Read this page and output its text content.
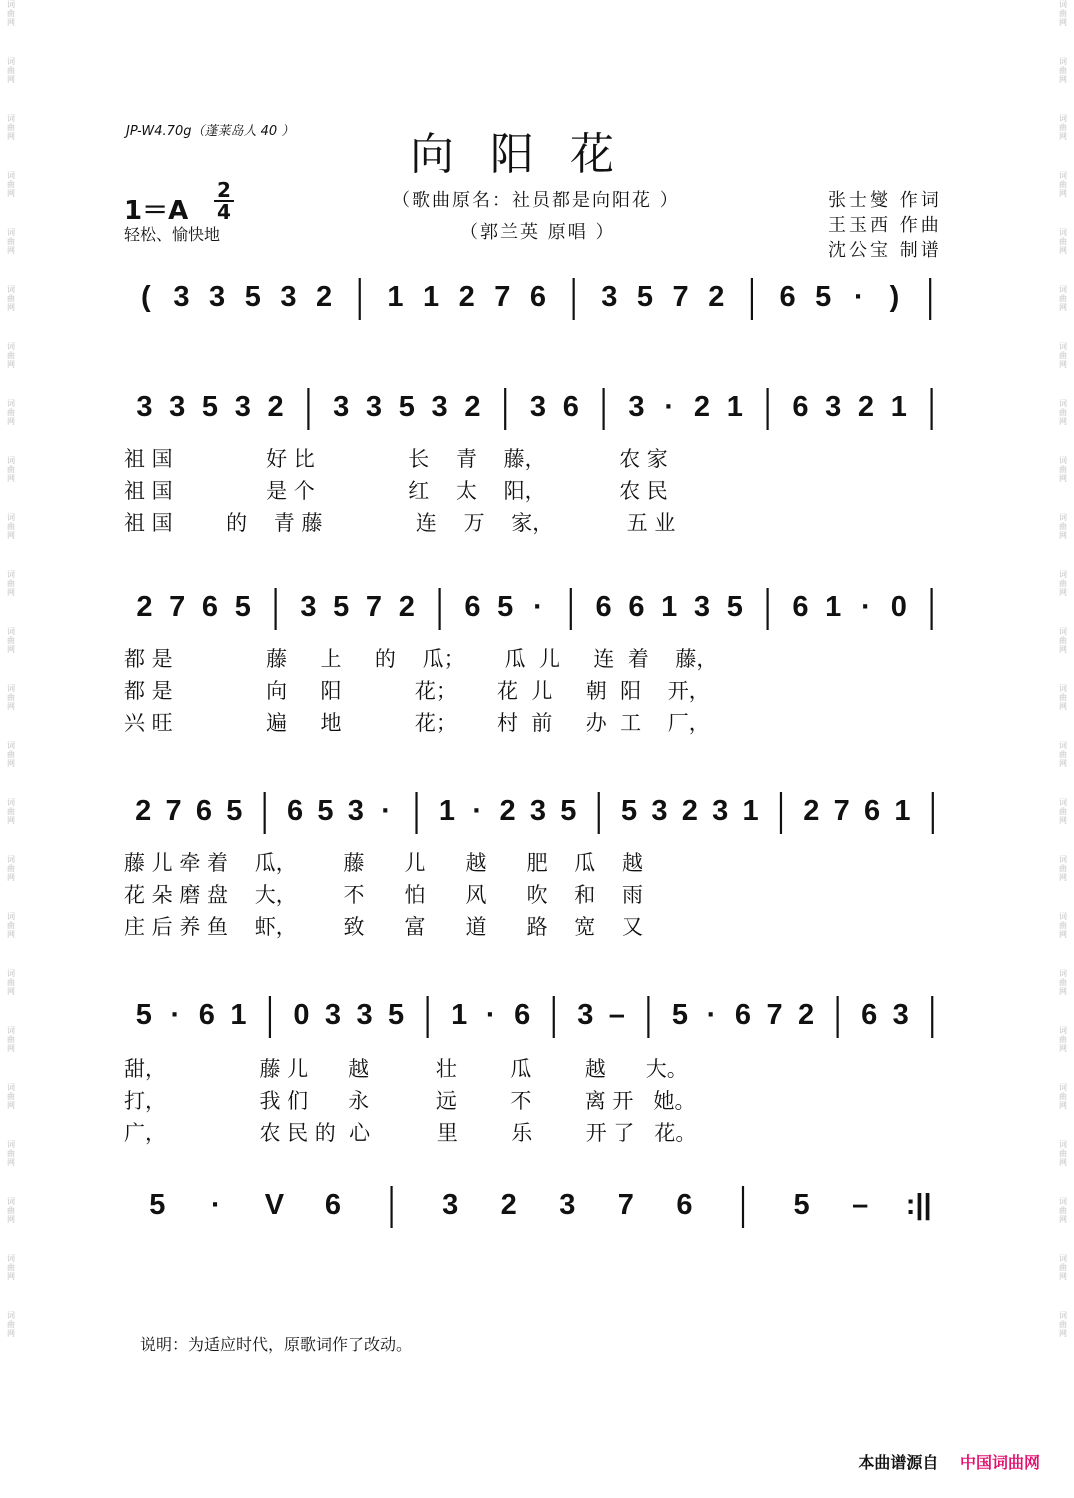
词曲网
词曲网
词曲网
词曲网
词曲网
词曲网
词曲网
词曲网
词曲网
词曲网
词曲网
词曲网
词曲网
词曲网
词曲网
词曲网
词曲网
词曲网
词曲网
词曲网
词曲网
词曲网
词曲网
词曲网
词曲网
词曲网
词曲网
词曲网
词曲网
词曲网
词曲网
词曲网
词曲网
词曲网
词曲网
词曲网
词曲网
词曲网
词曲网
词曲网
词曲网
词曲网
词曲网
词曲网
词曲网
词曲网
词曲网
词曲网
JP-W4.70g（蓬莱岛人 40 ）	向阳花
1＝A
2
4
轻松、愉快地
（歌曲原名：社员都是向阳花 ）
（郭兰英 原唱 ）
张士燮 作词
王玉西 作曲
沈公宝 制谱
( 3 3 5 3 2 1 1 2 7 6 3 5 7 2 6 5 · )
3 3 5 3 2 3 3 5 3 2 3 6 3 · 2 1 6 3 2 1
祖 国              好 比              长    青    藤，           农 家
祖 国              是 个              红    太    阳，           农 民
祖 国        的    青 藤              连    万    家，           五 业
2 7 6 5 3 5 7 2 6 5 · 6 6 1 3 5 6 1 · 0
都 是              藤     上     的    瓜；      瓜  儿     连  着    藤，
都 是              向     阳           花；      花  儿     朝  阳    开，
兴 旺              遍     地           花；      村  前     办  工    厂，
2 7 6 5 6 5 3 · 1 · 2 3 5 5 3 2 3 1 2 7 6 1
藤 儿 牵 着    瓜，       藤      儿      越      肥    瓜    越
花 朵 磨 盘    大，       不      怕      风      吹    和    雨
庄 后 养 鱼    虾，       致      富      道      路    宽    又
5 · 6 1 0 3 3 5 1 · 6 3 – 5 · 6 7 2 6 3
甜，              藤 儿      越          壮        瓜        越      大。
打，              我 们      永          远        不        离 开   她。
广，              农 民 的  心          里        乐        开 了   花。
5 · V 6	3 2 3 7 6	5 – :||
说明：为适应时代，原歌词作了改动。
本曲谱源自 中国词曲网
